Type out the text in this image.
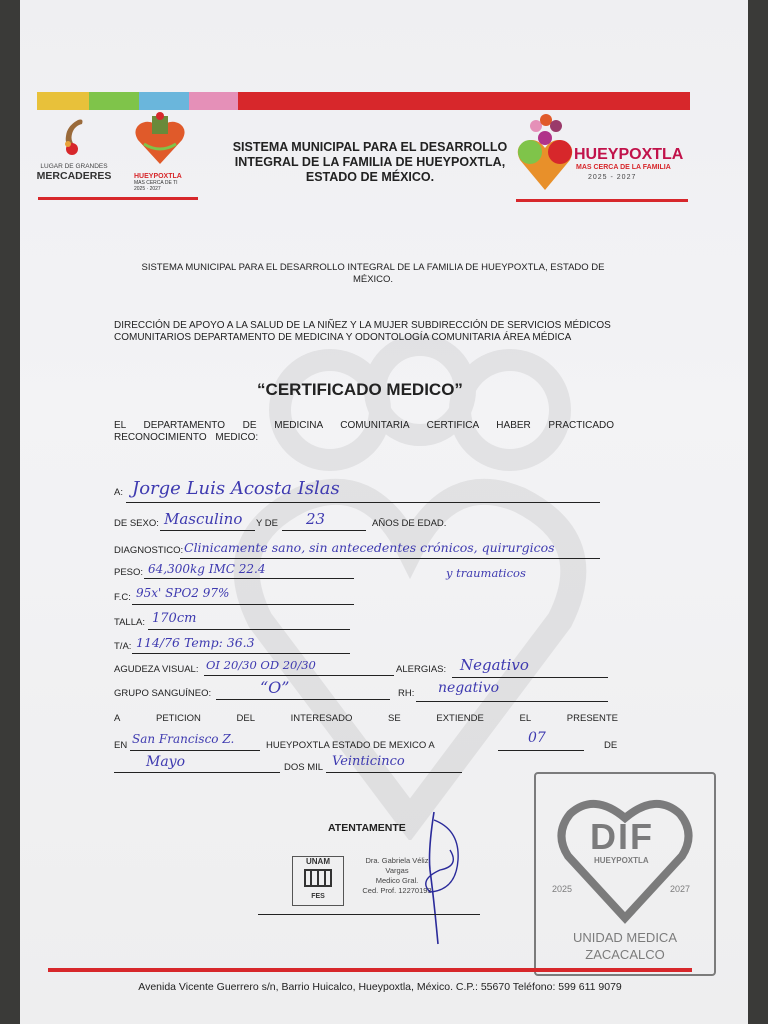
LUGAR DE GRANDES
MERCADERES	HUEYPOXTLA
MAS CERCA DE TI
2025 · 2027
SISTEMA MUNICIPAL PARA EL DESARROLLO INTEGRAL DE LA FAMILIA DE HUEYPOXTLA, ESTADO DE MÉXICO.
HUEYPOXTLA
MAS CERCA DE LA FAMILIA
2025 - 2027
SISTEMA MUNICIPAL PARA EL DESARROLLO INTEGRAL DE LA FAMILIA DE HUEYPOXTLA, ESTADO DE MÉXICO.
DIRECCIÓN DE APOYO A LA SALUD DE LA NIÑEZ Y LA MUJER SUBDIRECCIÓN DE SERVICIOS MÉDICOS COMUNITARIOS DEPARTAMENTO DE MEDICINA Y ODONTOLOGÍA COMUNITARIA ÁREA MÉDICA
“CERTIFICADO MEDICO”
EL DEPARTAMENTO DE MEDICINA COMUNITARIA CERTIFICA HABER PRACTICADO RECONOCIMIENTO MEDICO:
A: Jorge Luis Acosta Islas
DE SEXO: Masculino Y DE 23	AÑOS DE EDAD.
DIAGNOSTICO: Clinicamente sano, sin antecedentes crónicos, quirurgicos
y traumaticos
PESO: 64,300kg IMC 22.4
F.C: 95x' SPO2 97%
TALLA: 170cm
T/A: 114/76 Temp: 36.3
AGUDEZA VISUAL: OI 20/30 OD 20/30	ALERGIAS: Negativo
GRUPO SANGUÍNEO:	“O”	RH: negativo
A	PETICION	DEL	INTERESADO	SE	EXTIENDE	EL	PRESENTE
EN San Francisco Z.	HUEYPOXTLA ESTADO DE MEXICO A	07	DE
Mayo	DOS MIL Veinticinco
ATENTAMENTE
UNAM
FES
Dra. Gabriela Véliz
Vargas
Medico Gral.
Ced. Prof. 12270193
DIF
HUEYPOXTLA
2025	2027
UNIDAD MEDICA
ZACACALCO
Avenida Vicente Guerrero s/n, Barrio Huicalco, Hueypoxtla, México. C.P.: 55670 Teléfono: 599 611 9079
